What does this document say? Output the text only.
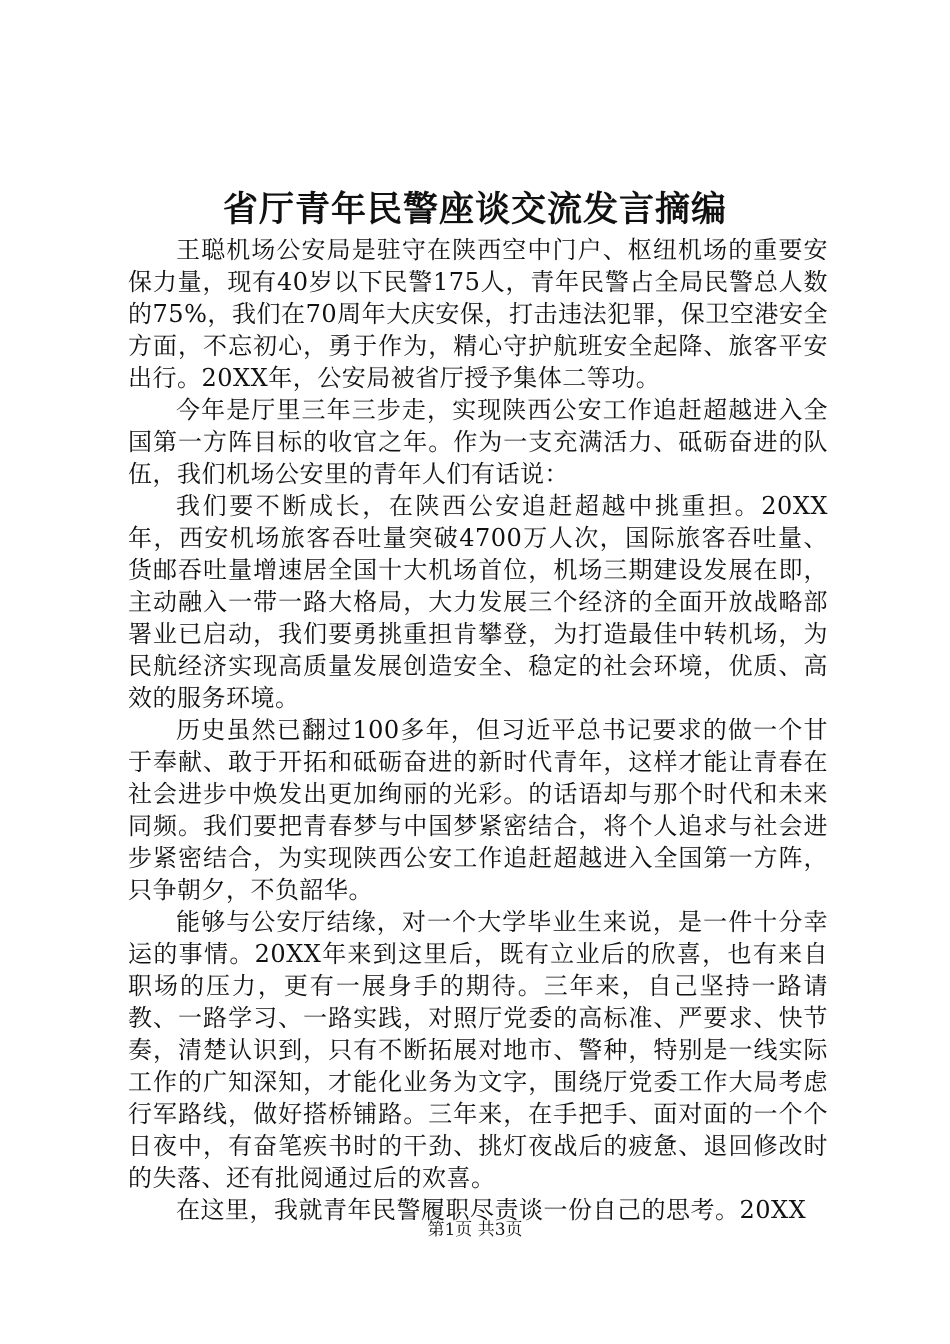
省厅青年民警座谈交流发言摘编

王聪机场公安局是驻守在陕西空中门户、枢纽机场的重要安保力量，现有40岁以下民警175人，青年民警占全局民警总人数的75%，我们在70周年大庆安保，打击违法犯罪，保卫空港安全方面，不忘初心，勇于作为，精心守护航班安全起降、旅客平安出行。20XX年，公安局被省厅授予集体二等功。

今年是厅里三年三步走，实现陕西公安工作追赶超越进入全国第一方阵目标的收官之年。作为一支充满活力、砥砺奋进的队伍，我们机场公安里的青年人们有话说：

我们要不断成长，在陕西公安追赶超越中挑重担。20XX年，西安机场旅客吞吐量突破4700万人次，国际旅客吞吐量、货邮吞吐量增速居全国十大机场首位，机场三期建设发展在即，主动融入一带一路大格局，大力发展三个经济的全面开放战略部署业已启动，我们要勇挑重担肯攀登，为打造最佳中转机场，为民航经济实现高质量发展创造安全、稳定的社会环境，优质、高效的服务环境。

历史虽然已翻过100多年，但习近平总书记要求的做一个甘于奉献、敢于开拓和砥砺奋进的新时代青年，这样才能让青春在社会进步中焕发出更加绚丽的光彩。的话语却与那个时代和未来同频。我们要把青春梦与中国梦紧密结合，将个人追求与社会进步紧密结合，为实现陕西公安工作追赶超越进入全国第一方阵，只争朝夕，不负韶华。

能够与公安厅结缘，对一个大学毕业生来说，是一件十分幸运的事情。20XX年来到这里后，既有立业后的欣喜，也有来自职场的压力，更有一展身手的期待。三年来，自己坚持一路请教、一路学习、一路实践，对照厅党委的高标准、严要求、快节奏，清楚认识到，只有不断拓展对地市、警种，特别是一线实际工作的广知深知，才能化业务为文字，围绕厅党委工作大局考虑行军路线，做好搭桥铺路。三年来，在手把手、面对面的一个个日夜中，有奋笔疾书时的干劲、挑灯夜战后的疲惫、退回修改时的失落、还有批阅通过后的欢喜。

在这里，我就青年民警履职尽责谈一份自己的思考。20XX

第1页 共3页
